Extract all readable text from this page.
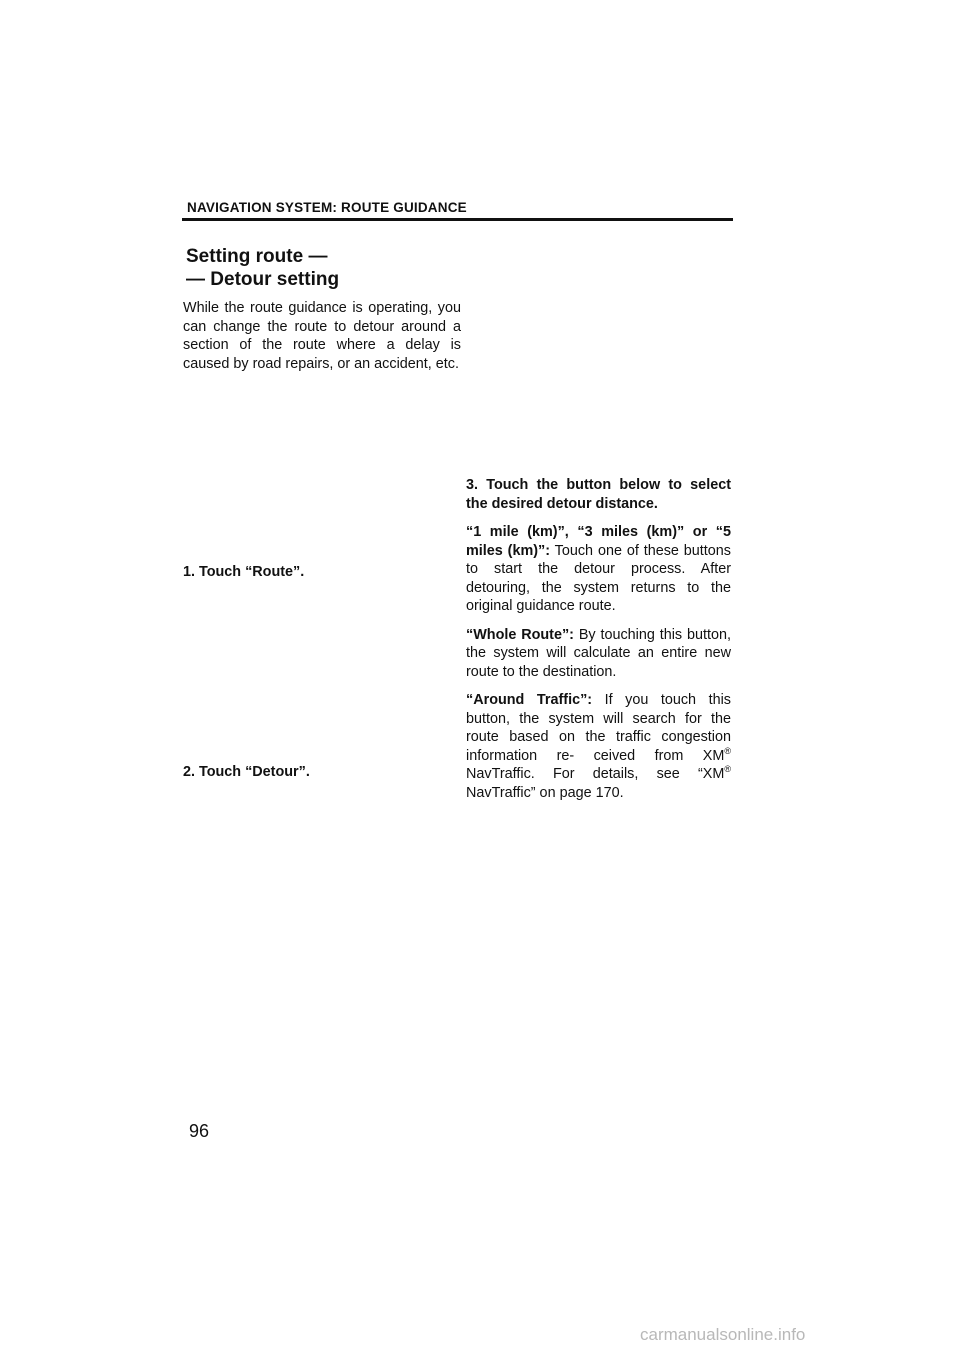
NAVIGATION SYSTEM: ROUTE GUIDANCE
Setting route —
— Detour setting
While the route guidance is operating, you can change the route to detour around a section of the route where a delay is caused by road repairs, or an accident, etc.
1. Touch “Route”.
2. Touch “Detour”.

3. Touch the button below to select the desired detour distance.

“1 mile (km)”, “3 miles (km)” or “5 miles (km)”: Touch one of these buttons to start the detour process. After detouring, the system returns to the original guidance route.

“Whole Route”: By touching this button, the system will calculate an entire new route to the destination.

“Around Traffic”: If you touch this button, the system will search for the route based on the traffic congestion information re- ceived from XM® NavTraffic. For details, see “XM® NavTraffic” on page 170.

96
carmanualsonline.info
